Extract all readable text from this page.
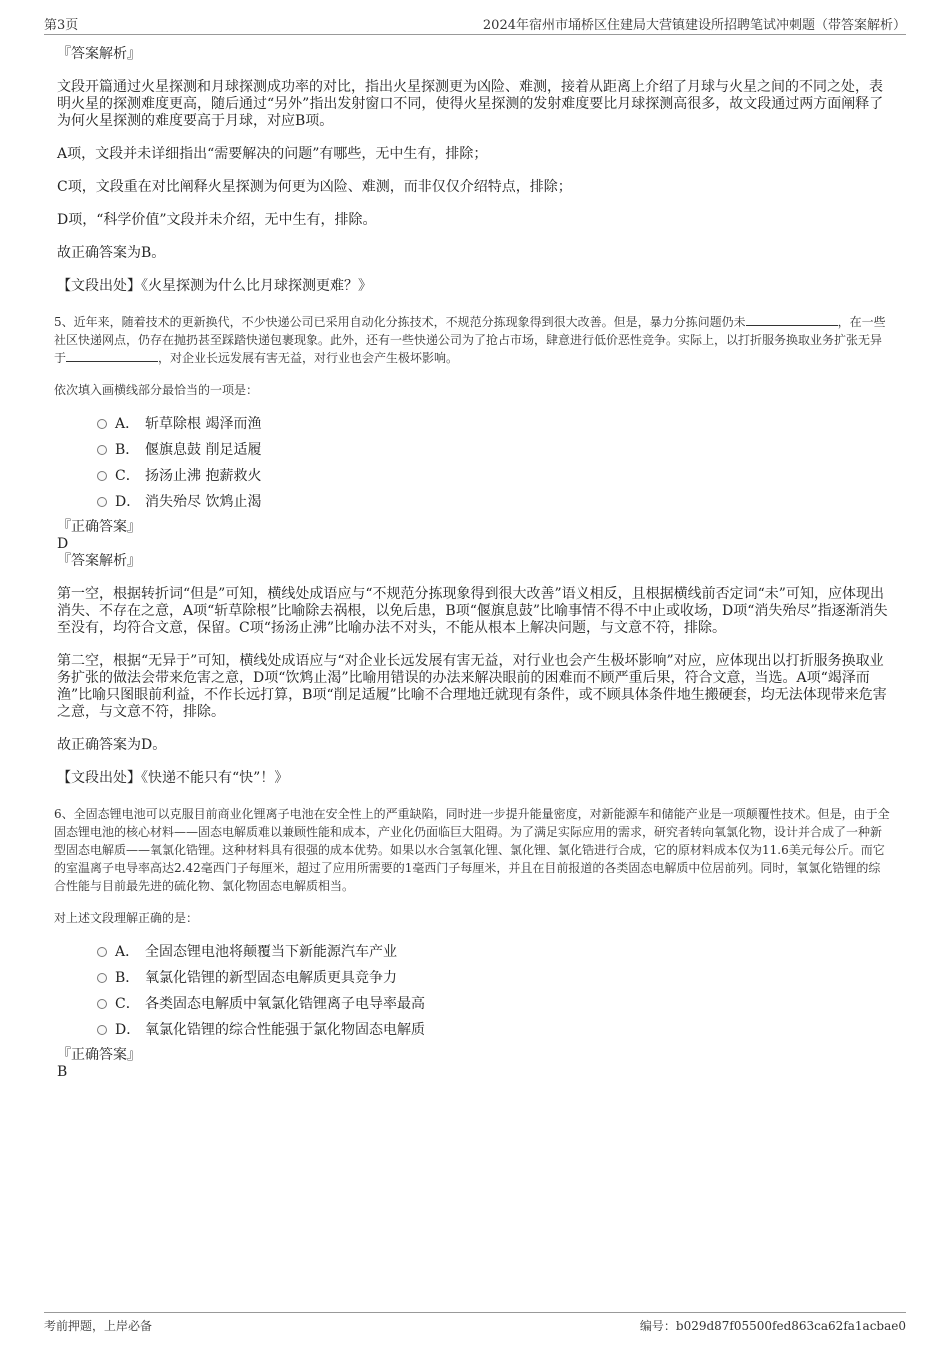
第3页	2024年宿州市埇桥区住建局大营镇建设所招聘笔试冲刺题（带答案解析）

『答案解析』

文段开篇通过火星探测和月球探测成功率的对比，指出火星探测更为凶险、难测，接着从距离上介绍了月球与火星之间的不同之处，表明火星的探测难度更高，随后通过“另外”指出发射窗口不同，使得火星探测的发射难度要比月球探测高很多，故文段通过两方面阐释了为何火星探测的难度要高于月球，对应B项。

A项，文段并未详细指出“需要解决的问题”有哪些，无中生有，排除；

C项，文段重在对比阐释火星探测为何更为凶险、难测，而非仅仅介绍特点，排除；

D项，“科学价值”文段并未介绍，无中生有，排除。

故正确答案为B。

【文段出处】《火星探测为什么比月球探测更难？》

5、近年来，随着技术的更新换代，不少快递公司已采用自动化分拣技术，不规范分拣现象得到很大改善。但是，暴力分拣问题仍未	，在一些社区快递网点，仍存在抛扔甚至踩踏快递包裹现象。此外，还有一些快递公司为了抢占市场，肆意进行低价恶性竞争。实际上，以打折服务换取业务扩张无异于	，对企业长远发展有害无益，对行业也会产生极坏影响。

依次填入画横线部分最恰当的一项是：

A． 斩草除根 竭泽而渔
B． 偃旗息鼓 削足适履
C． 扬汤止沸 抱薪救火
D． 消失殆尽 饮鸩止渴

『正确答案』

D

『答案解析』

第一空，根据转折词“但是”可知，横线处成语应与“不规范分拣现象得到很大改善”语义相反，且根据横线前否定词“未”可知，应体现出消失、不存在之意，A项“斩草除根”比喻除去祸根，以免后患，B项“偃旗息鼓”比喻事情不得不中止或收场，D项“消失殆尽”指逐渐消失至没有，均符合文意，保留。C项“扬汤止沸”比喻办法不对头，不能从根本上解决问题，与文意不符，排除。

第二空，根据“无异于”可知，横线处成语应与“对企业长远发展有害无益，对行业也会产生极坏影响”对应，应体现出以打折服务换取业务扩张的做法会带来危害之意，D项“饮鸩止渴”比喻用错误的办法来解决眼前的困难而不顾严重后果，符合文意，当选。A项“竭泽而渔”比喻只图眼前利益，不作长远打算，B项“削足适履”比喻不合理地迁就现有条件，或不顾具体条件地生搬硬套，均无法体现带来危害之意，与文意不符，排除。

故正确答案为D。

【文段出处】《快递不能只有“快”！》

6、全固态锂电池可以克服目前商业化锂离子电池在安全性上的严重缺陷，同时进一步提升能量密度，对新能源车和储能产业是一项颠覆性技术。但是，由于全固态锂电池的核心材料——固态电解质难以兼顾性能和成本，产业化仍面临巨大阻碍。为了满足实际应用的需求，研究者转向氧氯化物，设计并合成了一种新型固态电解质——氧氯化锆锂。这种材料具有很强的成本优势。如果以水合氢氧化锂、氯化锂、氯化锆进行合成，它的原材料成本仅为11.6美元每公斤。而它的室温离子电导率高达2.42毫西门子每厘米，超过了应用所需要的1毫西门子每厘米，并且在目前报道的各类固态电解质中位居前列。同时，氧氯化锆锂的综合性能与目前最先进的硫化物、氯化物固态电解质相当。

对上述文段理解正确的是：

A． 全固态锂电池将颠覆当下新能源汽车产业
B． 氧氯化锆锂的新型固态电解质更具竞争力
C． 各类固态电解质中氧氯化锆锂离子电导率最高
D． 氧氯化锆锂的综合性能强于氯化物固态电解质

『正确答案』

B

考前押题，上岸必备	编号：b029d87f05500fed863ca62fa1acbae0
